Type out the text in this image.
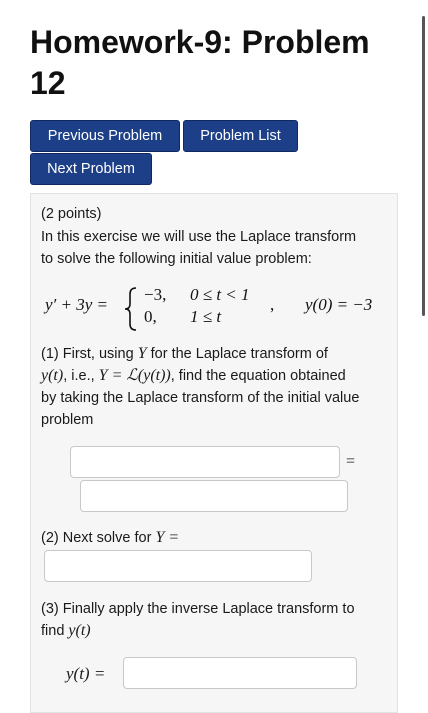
Homework-9: Problem 12
Previous Problem	Problem List
Next Problem
(2 points)
In this exercise we will use the Laplace transform
to solve the following initial value problem:
y′ + 3y =
−3, 0 ≤ t < 1
0, 1 ≤ t
, y(0) = −3
(1) First, using Y for the Laplace transform of
y(t), i.e., Y = ℒ(y(t)), find the equation obtained
by taking the Laplace transform of the initial value
problem
=
(2) Next solve for Y =
(3) Finally apply the inverse Laplace transform to
find y(t)
y(t) =
